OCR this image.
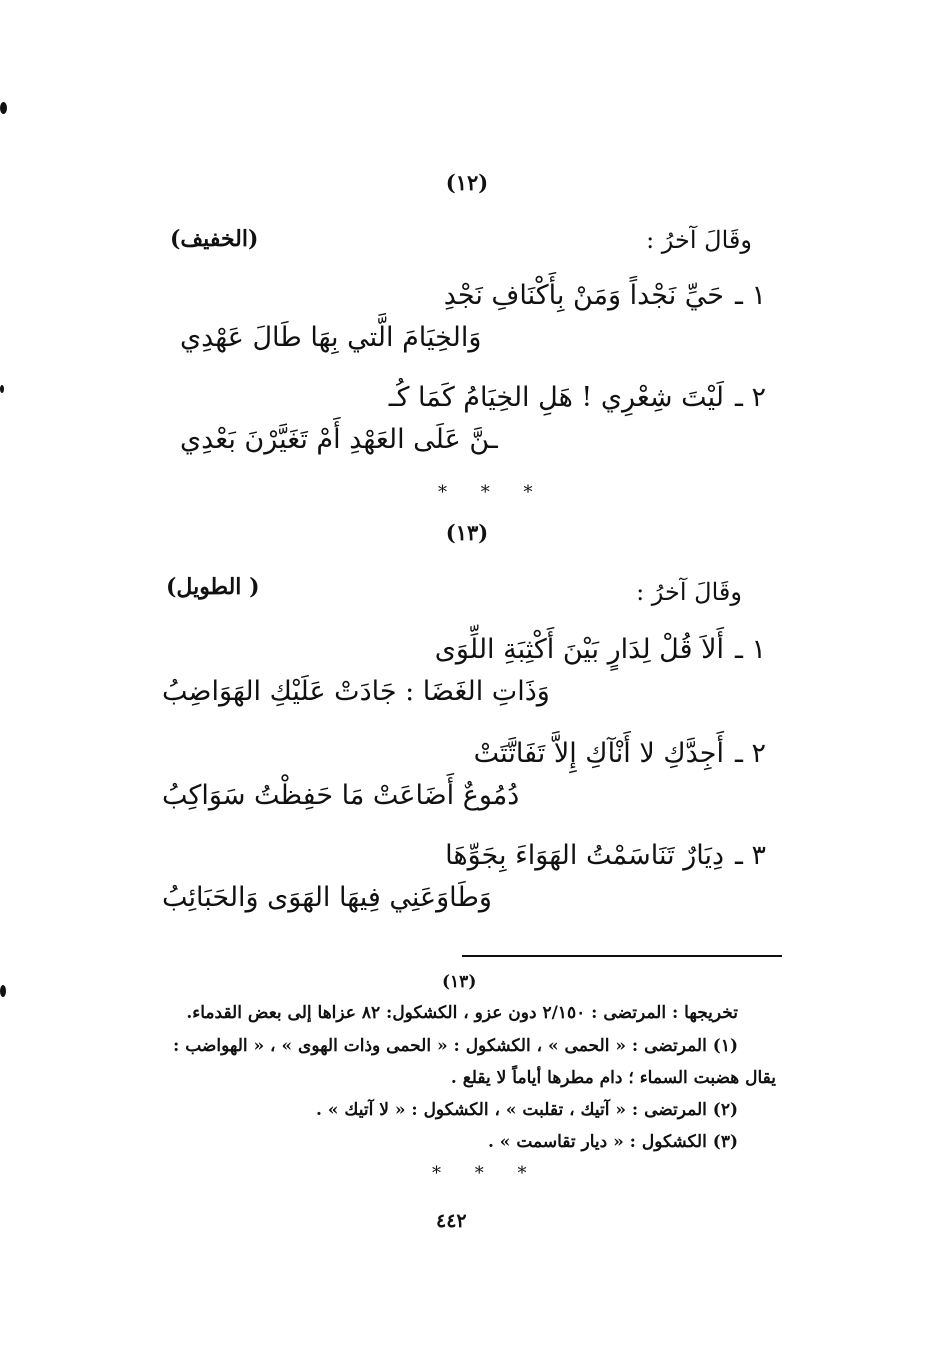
(١٢)
وقَالَ آخرُ :
(الخفيف)
١ ـ
حَيِّ نَجْداً وَمَنْ بِأَكْنَافِ نَجْدِ
وَالخِيَامَ الَّتي بِهَا طَالَ عَهْدِي
٢ ـ
لَيْتَ شِعْرِي ! هَلِ الخِيَامُ كَمَا كُـ
ـنَّ عَلَى العَهْدِ أَمْ تَغَيَّرْنَ بَعْدِي
* * *
(١٣)
وقَالَ آخرُ :
( الطويل)
١ ـ
أَلاَ قُلْ لِدَارٍ بَيْنَ أَكْثِبَةِ اللِّوَى
وَذَاتِ الغَضَا : جَادَتْ عَلَيْكِ الهَوَاضِبُ
٢ ـ
أَجِدَّكِ لا أَنْآكِ إِلاَّ تَفَاتَّتَتْ
دُمُوعٌ أَضَاعَتْ مَا حَفِظْتُ سَوَاكِبُ
٣ ـ
دِيَارٌ تَنَاسَمْتُ الهَوَاءَ بِجَوِّهَا
وَطَاوَعَنِي فِيهَا الهَوَى وَالحَبَائِبُ
(١٣)
تخريجها : المرتضى : ٢/١٥٠ دون عزو ، الكشكول: ٨٢ عزاها إلى بعض القدماء.
(١) المرتضى : « الحمى » ، الكشكول : « الحمى وذات الهوى » ، « الهواضب :
يقال هضبت السماء ؛ دام مطرها أياماً لا يقلع .
(٢) المرتضى : « آتيك ، تقلبت » ، الكشكول : « لا آتيك » .
(٣) الكشكول : « ديار تقاسمت » .
* * *
٤٤٢
